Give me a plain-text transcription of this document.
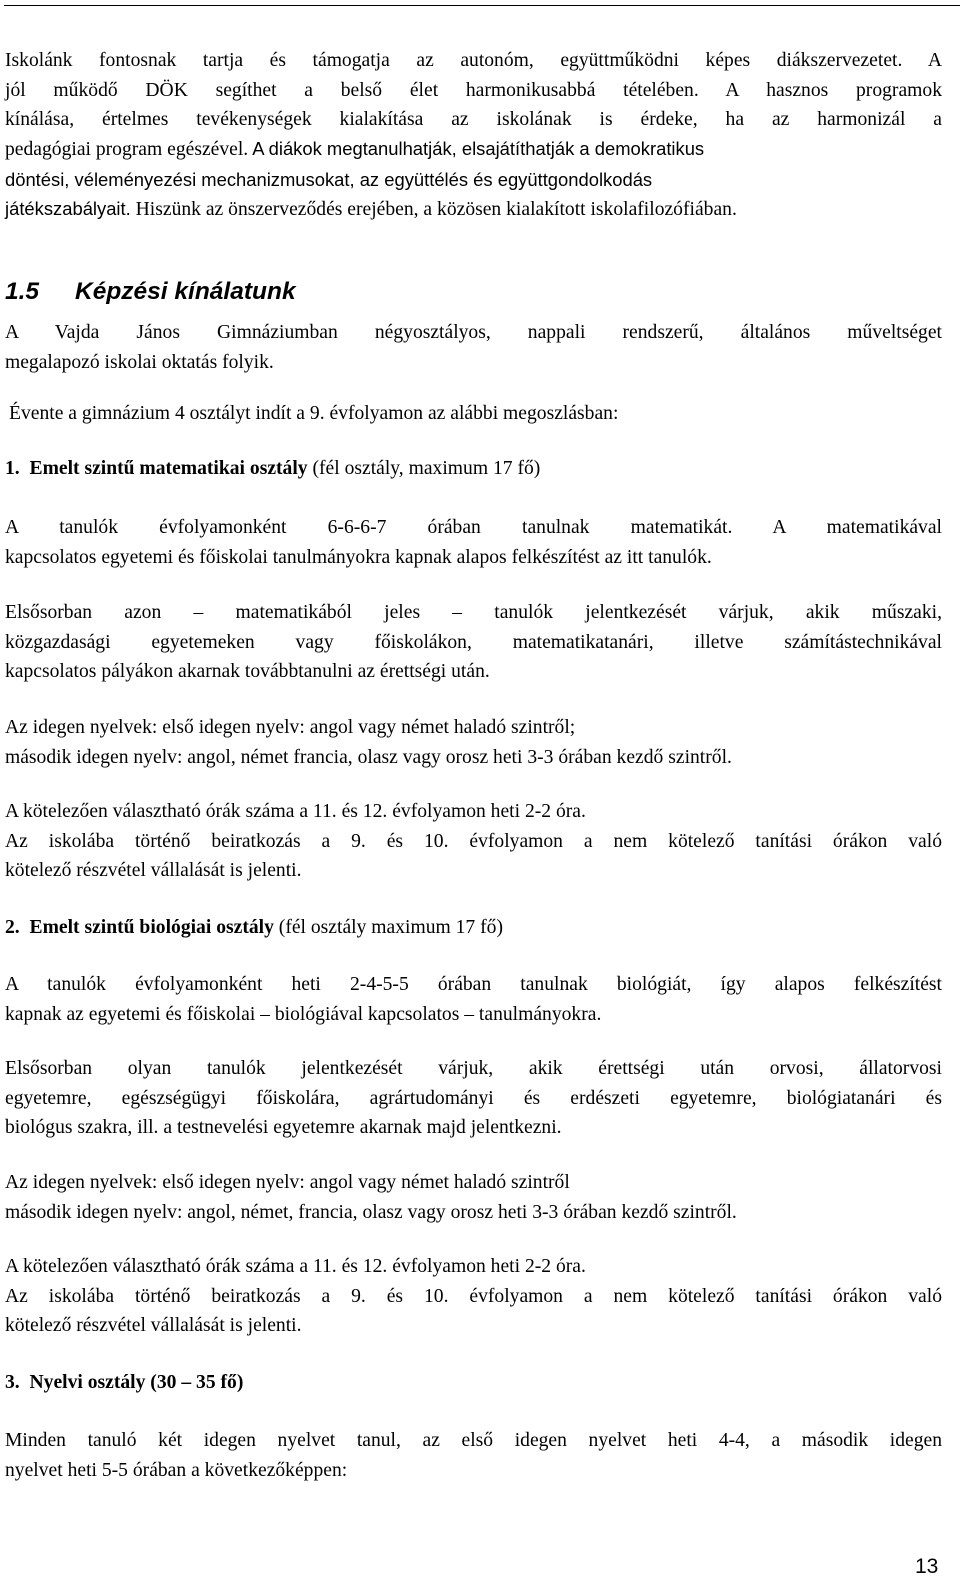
Iskolánk fontosnak tartja és támogatja az autonóm, együttműködni képes diákszervezetet. A
jól működő DÖK segíthet a belső élet harmonikusabbá tételében. A hasznos programok
kínálása, értelmes tevékenységek kialakítása az iskolának is érdeke, ha az harmonizál a
pedagógiai program egészével. A diákok megtanulhatják, elsajátíthatják a demokratikus
döntési, véleményezési mechanizmusokat, az együttélés és együttgondolkodás
játékszabályait. Hiszünk az önszerveződés erejében, a közösen kialakított iskolafilozófiában.
1.5 Képzési kínálatunk
A Vajda János Gimnáziumban négyosztályos, nappali rendszerű, általános műveltséget
megalapozó iskolai oktatás folyik.
Évente a gimnázium 4 osztályt indít a 9. évfolyamon az alábbi megoszlásban:
1. Emelt szintű matematikai osztály (fél osztály, maximum 17 fő)
A tanulók évfolyamonként 6-6-6-7 órában tanulnak matematikát. A matematikával
kapcsolatos egyetemi és főiskolai tanulmányokra kapnak alapos felkészítést az itt tanulók.
Elsősorban azon – matematikából jeles – tanulók jelentkezését várjuk, akik műszaki,
közgazdasági egyetemeken vagy főiskolákon, matematikatanári, illetve számítástechnikával
kapcsolatos pályákon akarnak továbbtanulni az érettségi után.
Az idegen nyelvek: első idegen nyelv: angol vagy német haladó szintről;
második idegen nyelv: angol, német francia, olasz vagy orosz heti 3-3 órában kezdő szintről.
A kötelezően választható órák száma a 11. és 12. évfolyamon heti 2-2 óra.
Az iskolába történő beiratkozás a 9. és 10. évfolyamon a nem kötelező tanítási órákon való
kötelező részvétel vállalását is jelenti.
2. Emelt szintű biológiai osztály (fél osztály maximum 17 fő)
A tanulók évfolyamonként heti 2-4-5-5 órában tanulnak biológiát, így alapos felkészítést
kapnak az egyetemi és főiskolai – biológiával kapcsolatos – tanulmányokra.
Elsősorban olyan tanulók jelentkezését várjuk, akik érettségi után orvosi, állatorvosi
egyetemre, egészségügyi főiskolára, agrártudományi és erdészeti egyetemre, biológiatanári és
biológus szakra, ill. a testnevelési egyetemre akarnak majd jelentkezni.
Az idegen nyelvek: első idegen nyelv: angol vagy német haladó szintről
második idegen nyelv: angol, német, francia, olasz vagy orosz heti 3-3 órában kezdő szintről.
A kötelezően választható órák száma a 11. és 12. évfolyamon heti 2-2 óra.
Az iskolába történő beiratkozás a 9. és 10. évfolyamon a nem kötelező tanítási órákon való
kötelező részvétel vállalását is jelenti.
3. Nyelvi osztály (30 – 35 fő)
Minden tanuló két idegen nyelvet tanul, az első idegen nyelvet heti 4-4, a második idegen
nyelvet heti 5-5 órában a következőképpen:
13
